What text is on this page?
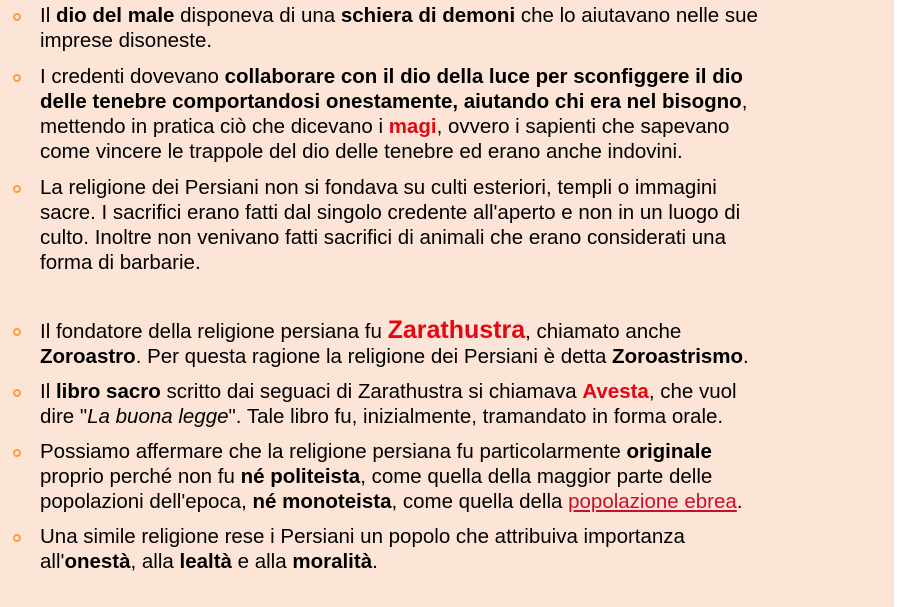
Il dio del male disponeva di una schiera di demoni che lo aiutavano nelle sue
imprese disoneste.
I credenti dovevano collaborare con il dio della luce per sconfiggere il dio
delle tenebre comportandosi onestamente, aiutando chi era nel bisogno,
mettendo in pratica ciò che dicevano i magi, ovvero i sapienti che sapevano
come vincere le trappole del dio delle tenebre ed erano anche indovini.
La religione dei Persiani non si fondava su culti esteriori, templi o immagini
sacre. I sacrifici erano fatti dal singolo credente all'aperto e non in un luogo di
culto. Inoltre non venivano fatti sacrifici di animali che erano considerati una
forma di barbarie.
Il fondatore della religione persiana fu Zarathustra, chiamato anche
Zoroastro. Per questa ragione la religione dei Persiani è detta Zoroastrismo.
Il libro sacro scritto dai seguaci di Zarathustra si chiamava Avesta, che vuol
dire "La buona legge". Tale libro fu, inizialmente, tramandato in forma orale.
Possiamo affermare che la religione persiana fu particolarmente originale
proprio perché non fu né politeista, come quella della maggior parte delle
popolazioni dell'epoca, né monoteista, come quella della popolazione ebrea.
Una simile religione rese i Persiani un popolo che attribuiva importanza
all'onestà, alla lealtà e alla moralità.
